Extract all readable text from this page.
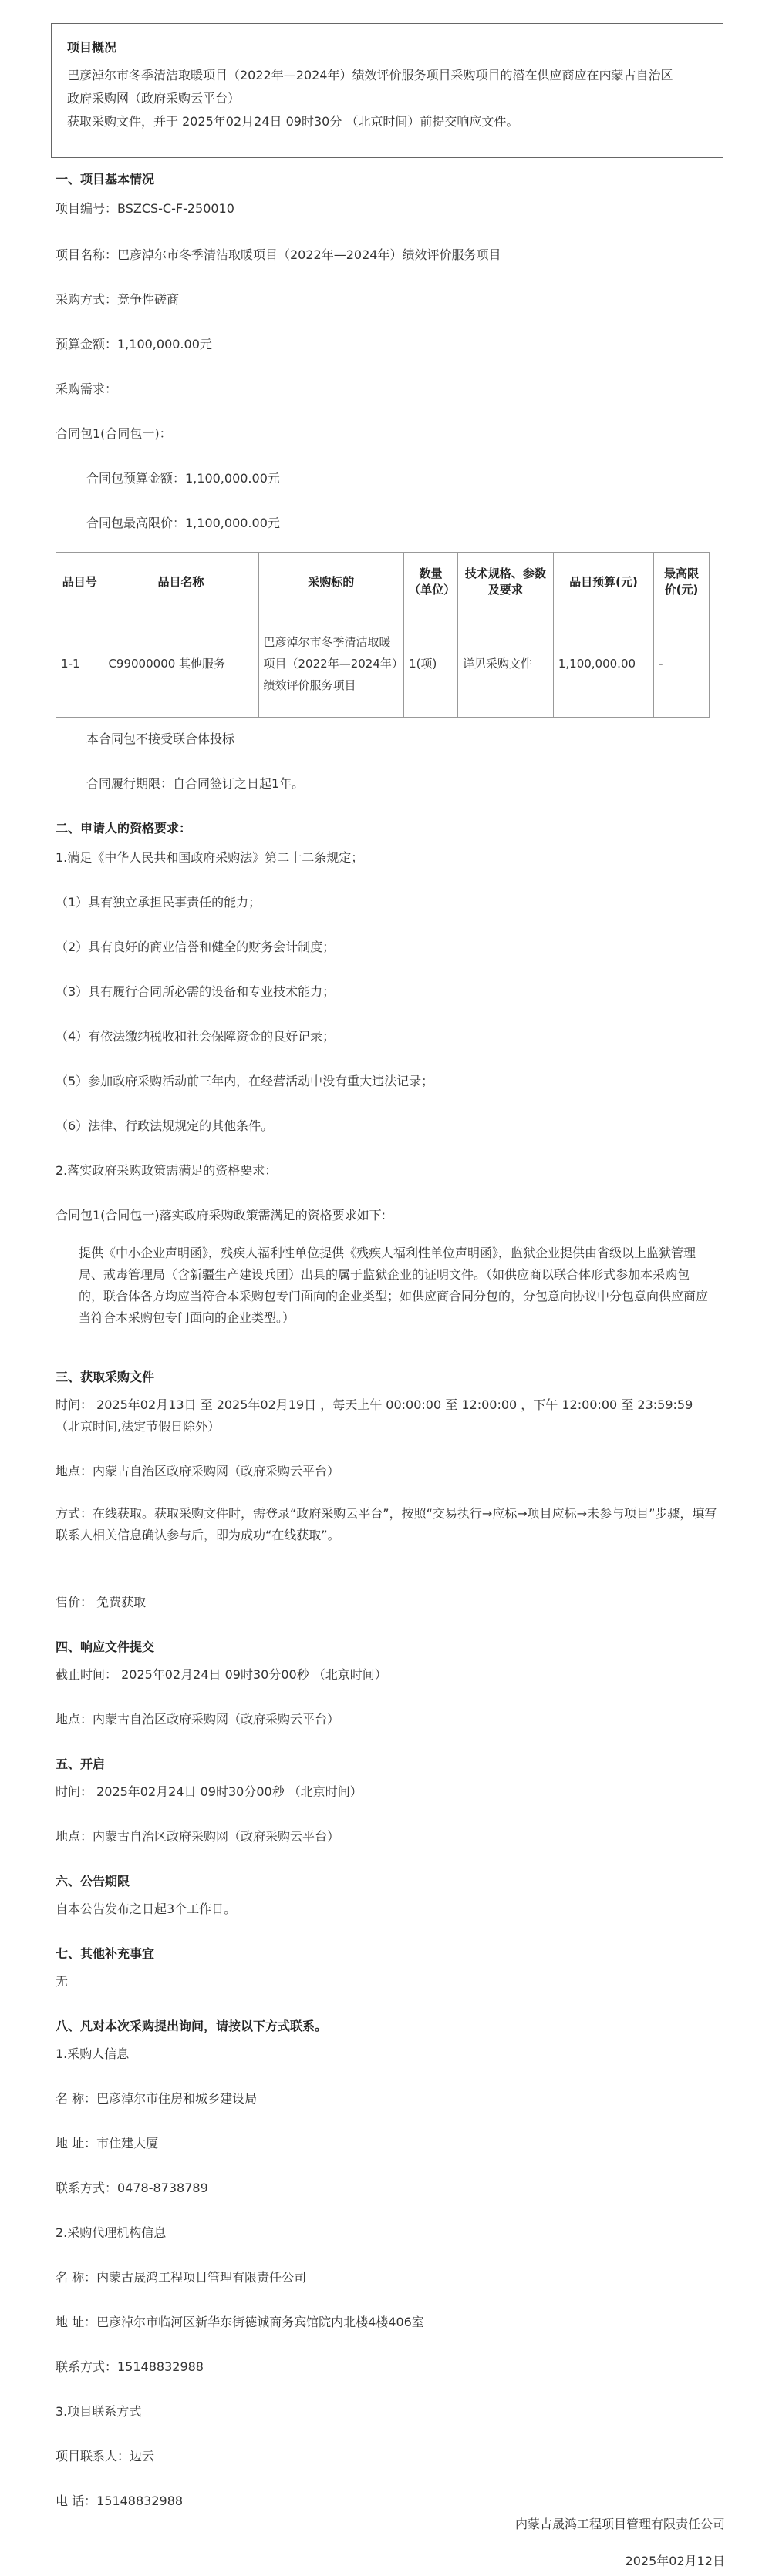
项目概况
巴彦淖尔市冬季清洁取暖项目（2022年—2024年）绩效评价服务项目采购项目的潜在供应商应在内蒙古自治区
政府采购网（政府采购云平台）
获取采购文件，并于 2025年02月24日 09时30分 （北京时间）前提交响应文件。
一、项目基本情况
项目编号：BSZCS-C-F-250010
项目名称：巴彦淖尔市冬季清洁取暖项目（2022年—2024年）绩效评价服务项目
采购方式：竞争性磋商
预算金额：1,100,000.00元
采购需求：
合同包1(合同包一)：
合同包预算金额：1,100,000.00元
合同包最高限价：1,100,000.00元
品目号	品目名称	采购标的	数量（单位）	技术规格、参数及要求	品目预算(元)	最高限价(元)
1-1	C99000000 其他服务	巴彦淖尔市冬季清洁取暖项目（2022年—2024年）绩效评价服务项目	1(项)	详见采购文件	1,100,000.00	-
本合同包不接受联合体投标
合同履行期限：自合同签订之日起1年。
二、申请人的资格要求：
1.满足《中华人民共和国政府采购法》第二十二条规定；
（1）具有独立承担民事责任的能力；
（2）具有良好的商业信誉和健全的财务会计制度；
（3）具有履行合同所必需的设备和专业技术能力；
（4）有依法缴纳税收和社会保障资金的良好记录；
（5）参加政府采购活动前三年内，在经营活动中没有重大违法记录；
（6）法律、行政法规规定的其他条件。
2.落实政府采购政策需满足的资格要求：
合同包1(合同包一)落实政府采购政策需满足的资格要求如下:
提供《中小企业声明函》，残疾人福利性单位提供《残疾人福利性单位声明函》，监狱企业提供由省级以上监狱管理局、戒毒管理局（含新疆生产建设兵团）出具的属于监狱企业的证明文件。（如供应商以联合体形式参加本采购包的，联合体各方均应当符合本采购包专门面向的企业类型；如供应商合同分包的，分包意向协议中分包意向供应商应当符合本采购包专门面向的企业类型。）
三、获取采购文件
时间： 2025年02月13日 至 2025年02月19日 ，每天上午 00:00:00 至 12:00:00 ，下午 12:00:00 至 23:59:59
（北京时间,法定节假日除外）
地点：内蒙古自治区政府采购网（政府采购云平台）
方式：在线获取。获取采购文件时，需登录“政府采购云平台”，按照“交易执行→应标→项目应标→未参与项目”步骤，填写联系人相关信息确认参与后，即为成功“在线获取”。
售价： 免费获取
四、响应文件提交
截止时间： 2025年02月24日 09时30分00秒 （北京时间）
地点：内蒙古自治区政府采购网（政府采购云平台）
五、开启
时间： 2025年02月24日 09时30分00秒 （北京时间）
地点：内蒙古自治区政府采购网（政府采购云平台）
六、公告期限
自本公告发布之日起3个工作日。
七、其他补充事宜
无
八、凡对本次采购提出询问，请按以下方式联系。
1.采购人信息
名 称：巴彦淖尔市住房和城乡建设局
地 址：市住建大厦
联系方式：0478-8738789
2.采购代理机构信息
名 称：内蒙古晟鸿工程项目管理有限责任公司
地 址：巴彦淖尔市临河区新华东街德诚商务宾馆院内北楼4楼406室
联系方式：15148832988
3.项目联系方式
项目联系人：边云
电 话：15148832988
内蒙古晟鸿工程项目管理有限责任公司
2025年02月12日
